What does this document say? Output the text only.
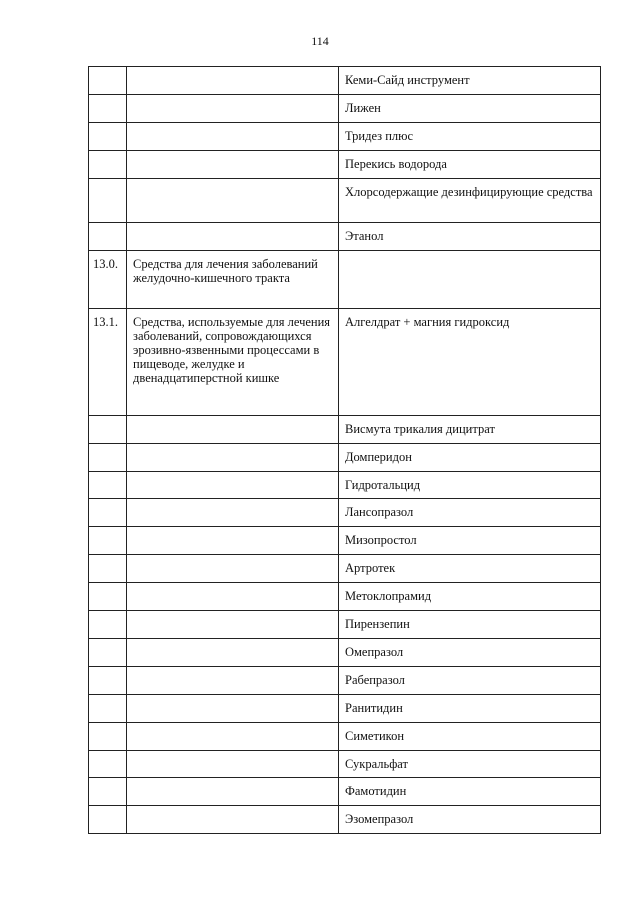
114
		Кеми-Сайд инструмент
		Лижен
		Тридез плюс
		Перекись водорода
		Хлорсодержащие дезинфицирующие средства
		Этанол
13.0.	Средства для лечения заболеваний желудочно-кишечного тракта	
13.1.	Средства, используемые для лечения заболеваний, сопровождающихся эрозивно-язвенными процессами в пищеводе, желудке и двенадцатиперстной кишке	Алгелдрат + магния гидроксид
		Висмута трикалия дицитрат
		Домперидон
		Гидротальцид
		Лансопразол
		Мизопростол
		Артротек
		Метоклопрамид
		Пирензепин
		Омепразол
		Рабепразол
		Ранитидин
		Симетикон
		Сукральфат
		Фамотидин
		Эзомепразол
